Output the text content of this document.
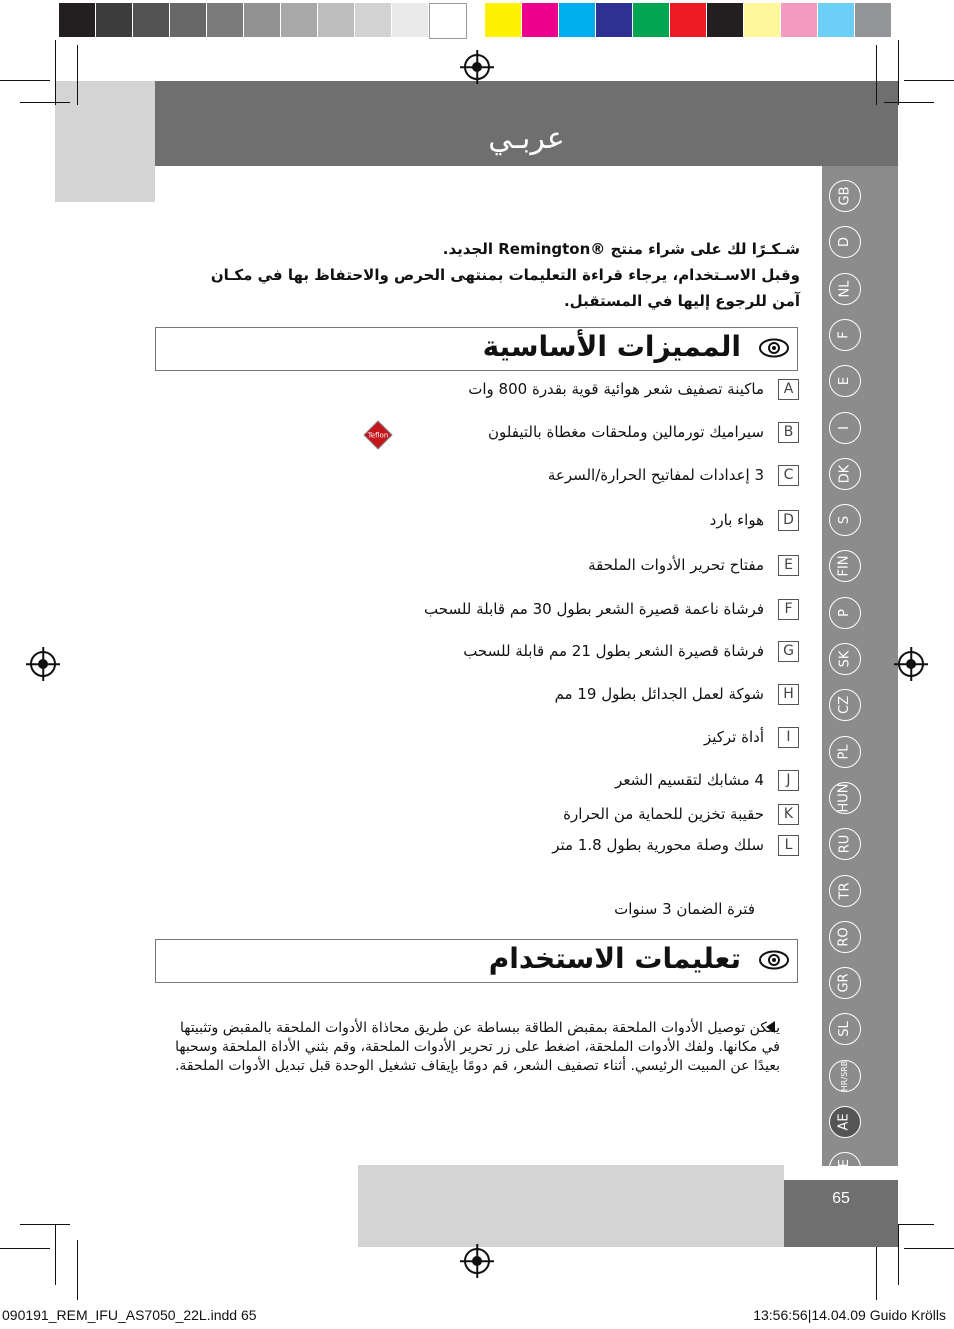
عربـي
شـكـرًا لك على شراء منتج ®Remington الجديد.
وقبل الاسـتخدام، يرجاء قراءة التعليمات بمنتهى الحرص والاحتفاظ بها في مكـان
آمن للرجوع إليها في المستقبل.
المميزات الأساسية
A
ماكينة تصفيف شعر هوائية قوية بقدرة 800 وات
B
سيراميك تورمالين وملحقات مغطاة بالتيفلون
C
3 إعدادات لمفاتيح الحرارة/السرعة
D
هواء بارد
E
مفتاح تحرير الأدوات الملحقة
F
فرشاة ناعمة قصيرة الشعر بطول 30 مم قابلة للسحب
G
فرشاة قصيرة الشعر بطول 21 مم قابلة للسحب
H
شوكة لعمل الجدائل بطول 19 مم
I
أداة تركيز
J
4 مشابك لتقسيم الشعر
K
حقيبة تخزين للحماية من الحرارة
L
سلك وصلة محورية بطول 1.8 متر
Teflon
فترة الضمان 3 سنوات
تعليمات الاستخدام
يمكن توصيل الأدوات الملحقة بمقبض الطاقة ببساطة عن طريق محاذاة الأدوات الملحقة بالمقبض وتثبيتها في مكانها. ولفك الأدوات الملحقة، اضغط على زر تحرير الأدوات الملحقة، وقم بثني الأداة الملحقة وسحبها بعيدًا عن المبيت الرئيسي. أثناء تصفيف الشعر، قم دومًا بإيقاف تشغيل الوحدة قبل تبديل الأدوات الملحقة.
GB
D
NL
F
E
I
DK
S
FIN
P
SK
CZ
PL
HUN
RU
TR
RO
GR
SL
HR/SRB
AE
HE
65
090191_REM_IFU_AS7050_22L.indd 65	13:56:56|14.04.09 Guido Krölls
